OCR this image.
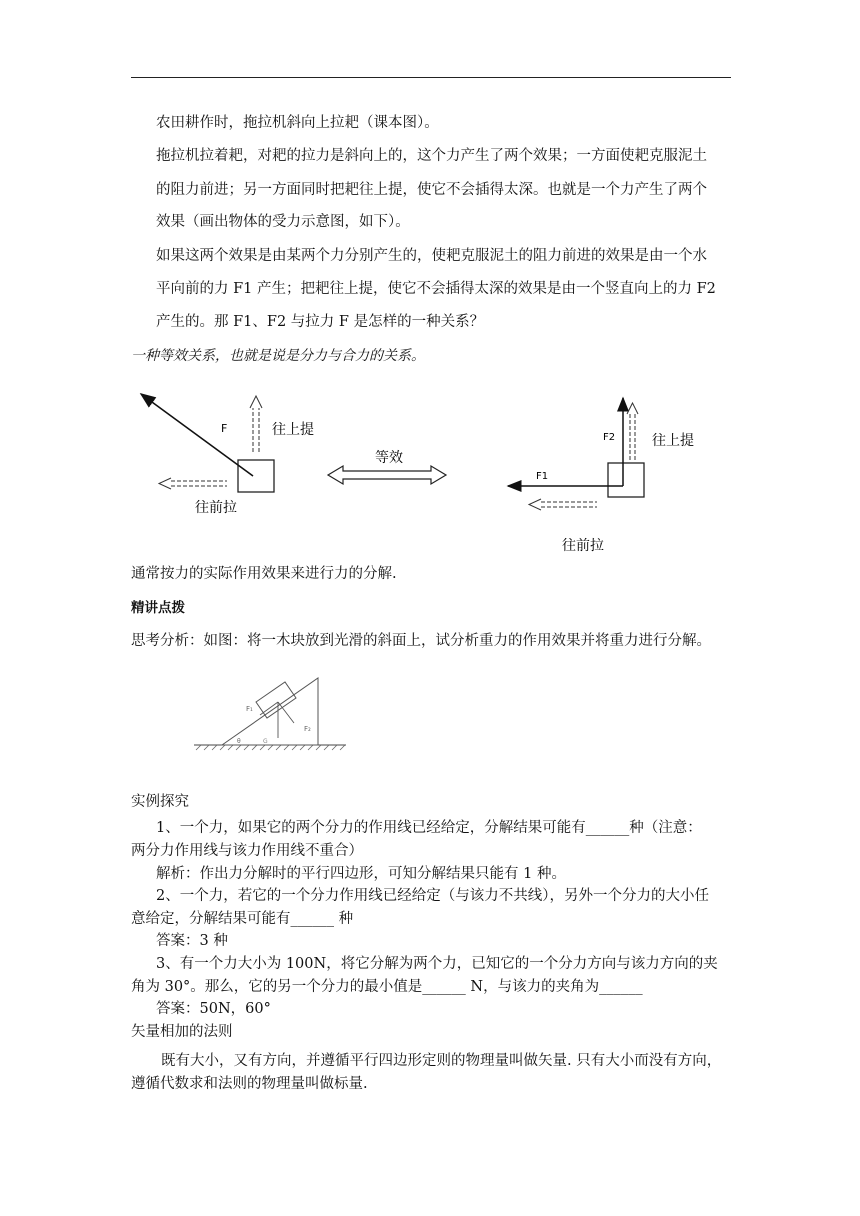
农田耕作时，拖拉机斜向上拉耙（课本图）。
拖拉机拉着耙，对耙的拉力是斜向上的，这个力产生了两个效果；一方面使耙克服泥土
的阻力前进；另一方面同时把耙往上提，使它不会插得太深。也就是一个力产生了两个
效果（画出物体的受力示意图，如下）。
如果这两个效果是由某两个力分别产生的，使耙克服泥土的阻力前进的效果是由一个水
平向前的力 F1 产生；把耙往上提，使它不会插得太深的效果是由一个竖直向上的力 F2
产生的。那 F1、F2 与拉力 F 是怎样的一种关系？
一种等效关系，也就是说是分力与合力的关系。
F	往上提
往前拉
等效
F2	往上提
F1
往前拉
通常按力的实际作用效果来进行力的分解.
精讲点拨
思考分析：如图：将一木块放到光滑的斜面上，试分析重力的作用效果并将重力进行分解。
F₁
F₂
θ	G
实例探究
1、一个力，如果它的两个分力的作用线已经给定，分解结果可能有______种（注意：
两分力作用线与该力作用线不重合）
解析：作出力分解时的平行四边形，可知分解结果只能有 1 种。
2、一个力，若它的一个分力作用线已经给定（与该力不共线），另外一个分力的大小任
意给定，分解结果可能有______ 种
答案：3 种
3、有一个力大小为 100N，将它分解为两个力，已知它的一个分力方向与该力方向的夹
角为 30°。那么，它的另一个分力的最小值是______ N，与该力的夹角为______
答案：50N，60°
矢量相加的法则
既有大小，又有方向，并遵循平行四边形定则的物理量叫做矢量. 只有大小而没有方向，
遵循代数求和法则的物理量叫做标量.
